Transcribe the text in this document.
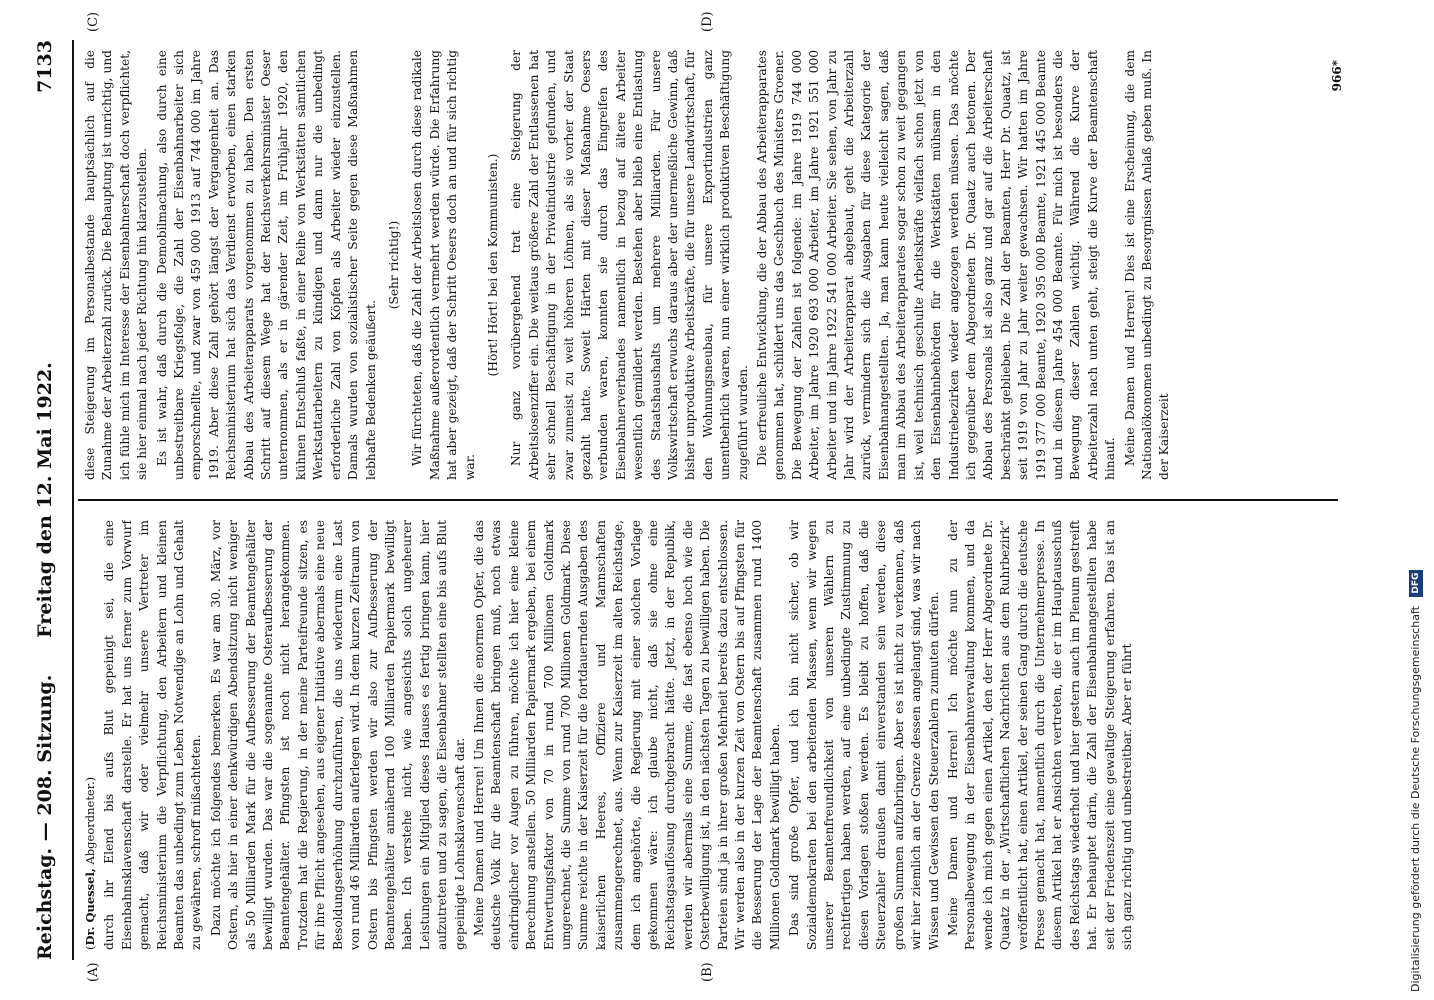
Reichstag. — 208. Sitzung.
Freitag den 12. Mai 1922.
7133
(A)	(B)
(C)	(D)
(Dr. Quessel, Abgeordneter.) durch ihr Elend bis aufs Blut gepeinigt sei, die eine Eisenbahnsklavenschaft darstelle. Er hat uns ferner zum Vorwurf gemacht, daß wir oder vielmehr unsere Vertreter im Reichsministerium die Verpflichtung, den Arbeitern und kleinen Beamten das unbedingt zum Leben Notwendige an Lohn und Gehalt zu gewähren, schroff mißachteten. Dazu möchte ich folgendes bemerken. Es war am 30. März, vor Ostern, als hier in einer denkwürdigen Abendsitzung nicht weniger als 50 Milliarden Mark für die Aufbesserung der Beamtengehälter bewilligt wurden. Das war die sogenannte Osteraufbesserung der Beamtengehälter. Pfingsten ist noch nicht herangekommen. Trotzdem hat die Regierung, in der meine Parteifreunde sitzen, es für ihre Pflicht angesehen, aus eigener Initiative abermals eine neue Besoldungserhöhung durchzuführen, die uns wiederum eine Last von rund 46 Milliarden auferlegen wird. In dem kurzen Zeitraum von Ostern bis Pfingsten werden wir also zur Aufbesserung der Beamtengehälter annähernd 100 Milliarden Papiermark bewilligt haben. Ich verstehe nicht, wie angesichts solch ungeheurer Leistungen ein Mitglied dieses Hauses es fertig bringen kann, hier aufzutreten und zu sagen, die Eisenbahner stellten eine bis aufs Blut gepeinigte Lohnsklavenschaft dar. Meine Damen und Herren! Um Ihnen die enormen Opfer, die das deutsche Volk für die Beamtenschaft bringen muß, noch etwas eindringlicher vor Augen zu führen, möchte ich hier eine kleine Berechnung anstellen. 50 Milliarden Papiermark ergeben, bei einem Entwertungsfaktor von 70 in rund 700 Millionen Goldmark umgerechnet, die Summe von rund 700 Millionen Goldmark. Diese Summe reichte in der Kaiserzeit für die fortdauernden Ausgaben des kaiserlichen Heeres, Offiziere und Mannschaften zusammengerechnet, aus. Wenn zur Kaiserzeit im alten Reichstage, dem ich angehörte, die Regierung mit einer solchen Vorlage gekommen wäre: ich glaube nicht, daß sie ohne eine Reichstagsauflösung durchgebracht hätte. Jetzt, in der Republik, werden wir abermals eine Summe, die fast ebenso hoch wie die Osterbewilligung ist, in den nächsten Tagen zu bewilligen haben. Die Parteien sind ja in ihrer großen Mehrheit bereits dazu entschlossen. Wir werden also in der kurzen Zeit von Ostern bis auf Pfingsten für die Besserung der Lage der Beamtenschaft zusammen rund 1400 Millionen Goldmark bewilligt haben. Das sind große Opfer, und ich bin nicht sicher, ob wir Sozialdemokraten bei den arbeitenden Massen, wenn wir wegen unserer Beamtenfreundlichkeit von unseren Wählern zu rechtfertigen haben werden, auf eine unbedingte Zustimmung zu diesen Vorlagen stoßen werden. Es bleibt zu hoffen, daß die Steuerzahler draußen damit einverstanden sein werden, diese großen Summen aufzubringen. Aber es ist nicht zu verkennen, daß wir hier ziemlich an der Grenze dessen angelangt sind, was wir nach Wissen und Gewissen den Steuerzahlern zumuten dürfen. Meine Damen und Herren! Ich möchte nun zu der Personalbewegung in der Eisenbahnverwaltung kommen, und da wende ich mich gegen einen Artikel, den der Herr Abgeordnete Dr. Quaatz in der „Wirtschaftlichen Nachrichten aus dem Ruhrbezirk“ veröffentlicht hat, einen Artikel, der seinen Gang durch die deutsche Presse gemacht hat, namentlich durch die Unternehmerpresse. In diesem Artikel hat er Ansichten vertreten, die er im Hauptausschuß des Reichstags wiederholt und hier gestern auch im Plenum gestreift hat. Er behauptet darin, die Zahl der Eisenbahnangestellten habe seit der Friedenszeit eine gewaltige Steigerung erfahren. Das ist an sich ganz richtig und unbestreitbar. Aber er führt

diese Steigerung im Personalbestande hauptsächlich auf die Zunahme der Arbeiterzahl zurück. Die Behauptung ist unrichtig, und ich fühle mich im Interesse der Eisenbahnerschaft doch verpflichtet, sie hier einmal nach jeder Richtung hin klarzustellen. Es ist wahr, daß durch die Demobilmachung, also durch eine unbestreitbare Kriegsfolge, die Zahl der Eisenbahnarbeiter sich emporschnellte, und zwar von 459 000 1913 auf 744 000 im Jahre 1919. Aber diese Zahl gehört längst der Vergangenheit an. Das Reichsministerium hat sich das Verdienst erworben, einen starken Abbau des Arbeiterapparats vorgenommen zu haben. Den ersten Schritt auf diesem Wege hat der Reichsverkehrsminister Oeser unternommen, als er in gärender Zeit, im Frühjahr 1920, den kühnen Entschluß faßte, in einer Reihe von Werkstätten sämtlichen Werkstattarbeitern zu kündigen und dann nur die unbedingt erforderliche Zahl von Köpfen als Arbeiter wieder einzustellen. Damals wurden von sozialistischer Seite gegen diese Maßnahmen lebhafte Bedenken geäußert.

(Sehr richtig!) Wir fürchteten, daß die Zahl der Arbeitslosen durch diese radikale Maßnahme außerordentlich vermehrt werden würde. Die Erfahrung hat aber gezeigt, daß der Schritt Oesers doch an und für sich richtig war.

(Hört! Hört! bei den Kommunisten.) Nur ganz vorübergehend trat eine Steigerung der Arbeitslosenziffer ein. Die weitaus größere Zahl der Entlassenen hat sehr schnell Beschäftigung in der Privatindustrie gefunden, und zwar zumeist zu weit höheren Löhnen, als sie vorher der Staat gezahlt hatte. Soweit Härten mit dieser Maßnahme Oesers verbunden waren, konnten sie durch das Eingreifen des Eisenbahnerverbandes namentlich in bezug auf ältere Arbeiter wesentlich gemildert werden. Bestehen aber blieb eine Entlastung des Staatshaushalts um mehrere Milliarden. Für unsere Volkswirtschaft erwuchs daraus aber der unermeßliche Gewinn, daß bisher unproduktive Arbeitskräfte, die für unsere Landwirtschaft, für den Wohnungsneubau, für unsere Exportindustrien ganz unentbehrlich waren, nun einer wirklich produktiven Beschäftigung zugeführt wurden. Die erfreuliche Entwicklung, die der Abbau des Arbeiterapparates genommen hat, schildert uns das Geschbuch des Ministers Groener. Die Bewegung der Zahlen ist folgende: im Jahre 1919 744 000 Arbeiter, im Jahre 1920 693 000 Arbeiter, im Jahre 1921 551 000 Arbeiter und im Jahre 1922 541 000 Arbeiter. Sie sehen, von Jahr zu Jahr wird der Arbeiterapparat abgebaut, geht die Arbeiterzahl zurück, vermindern sich die Ausgaben für diese Kategorie der Eisenbahnangestellten. Ja, man kann heute vielleicht sagen, daß man im Abbau des Arbeiterapparates sogar schon zu weit gegangen ist, weil technisch geschulte Arbeitskräfte vielfach schon jetzt von den Eisenbahnbehörden für die Werkstätten mühsam in den Industriebezirken wieder angezogen werden müssen. Das möchte ich gegenüber dem Abgeordneten Dr. Quaatz auch betonen. Der Abbau des Personals ist also ganz und gar auf die Arbeiterschaft beschränkt geblieben. Die Zahl der Beamten, Herr Dr. Quaatz, ist seit 1919 von Jahr zu Jahr weiter gewachsen. Wir hatten im Jahre 1919 377 000 Beamte, 1920 395 000 Beamte, 1921 445 000 Beamte und in diesem Jahre 454 000 Beamte. Für mich ist besonders die Bewegung dieser Zahlen wichtig. Während die Kurve der Arbeiterzahl nach unten geht, steigt die Kurve der Beamtenschaft hinauf. Meine Damen und Herren! Dies ist eine Erscheinung, die dem Nationalökonomen unbedingt zu Besorgnissen Anlaß geben muß. In der Kaiserzeit

966*
Digitalisierung gefördert durch die Deutsche Forschungsgemeinschaft DFG
